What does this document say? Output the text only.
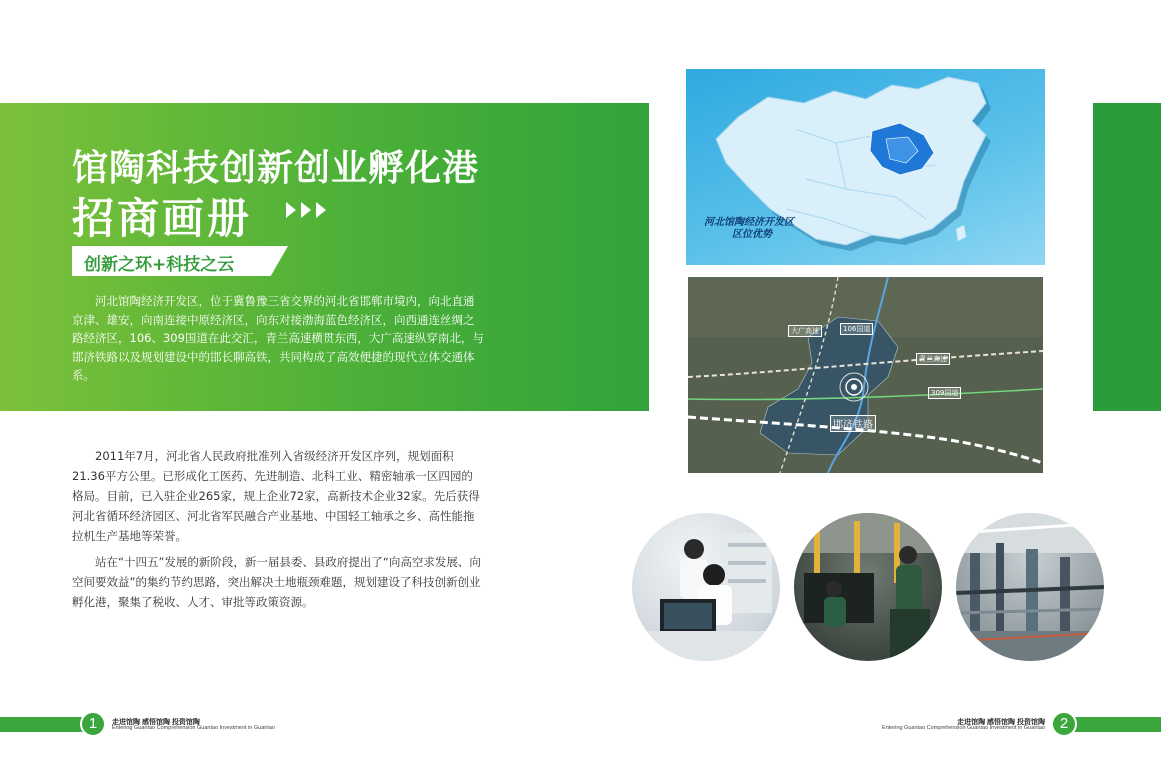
馆陶科技创新创业孵化港
招商画册
创新之环+科技之云

河北馆陶经济开发区，位于冀鲁豫三省交界的河北省邯郸市境内，向北直通京津、雄安，向南连接中原经济区，向东对接渤海蓝色经济区，向西通连丝绸之路经济区，106、309国道在此交汇，青兰高速横贯东西，大广高速纵穿南北，与邯济铁路以及规划建设中的邯长聊高铁，共同构成了高效便捷的现代立体交通体系。

2011年7月，河北省人民政府批准列入省级经济开发区序列，规划面积21.36平方公里。已形成化工医药、先进制造、北科工业、精密轴承一区四园的格局。目前，已入驻企业265家，规上企业72家，高新技术企业32家。先后获得河北省循环经济园区、河北省军民融合产业基地、中国轻工轴承之乡、高性能拖拉机生产基地等荣誉。

站在“十四五”发展的新阶段，新一届县委、县政府提出了“向高空求发展、向空间要效益”的集约节约思路，突出解决土地瓶颈难题，规划建设了科技创新创业孵化港，聚集了税收、人才、审批等政策资源。

河北馆陶经济开发区
区位优势
大广高速	106国道
青兰高速
309国道
邯济铁路
1	2
走进馆陶 感悟馆陶 投资馆陶
Entering Guantao Comprehension Guantao Investment in Guantao
走进馆陶 感悟馆陶 投资馆陶
Entering Guantao Comprehension Guantao Investment in Guantao
